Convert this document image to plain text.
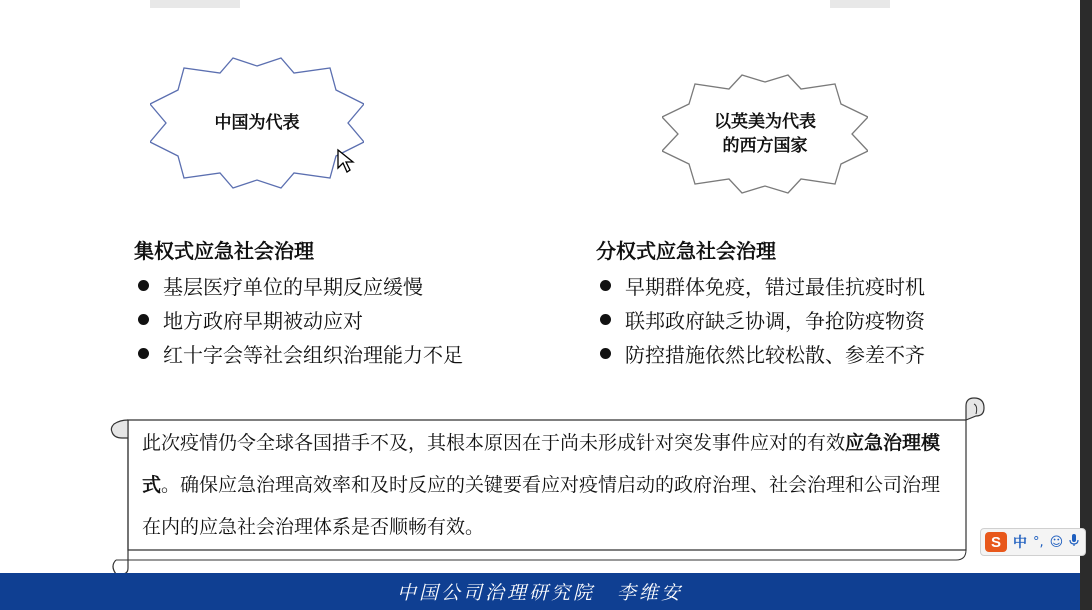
中国为代表	以英美为代表
的西方国家
集权式应急社会治理
基层医疗单位的早期反应缓慢
地方政府早期被动应对
红十字会等社会组织治理能力不足
分权式应急社会治理
早期群体免疫，错过最佳抗疫时机
联邦政府缺乏协调，争抢防疫物资
防控措施依然比较松散、参差不齐
此次疫情仍令全球各国措手不及，其根本原因在于尚未形成针对突发事件应对的有效应急治理模式。确保应急治理高效率和及时反应的关键要看应对疫情启动的政府治理、社会治理和公司治理在内的应急社会治理体系是否顺畅有效。
中国公司治理研究院　李维安
S 中 °, ☺
